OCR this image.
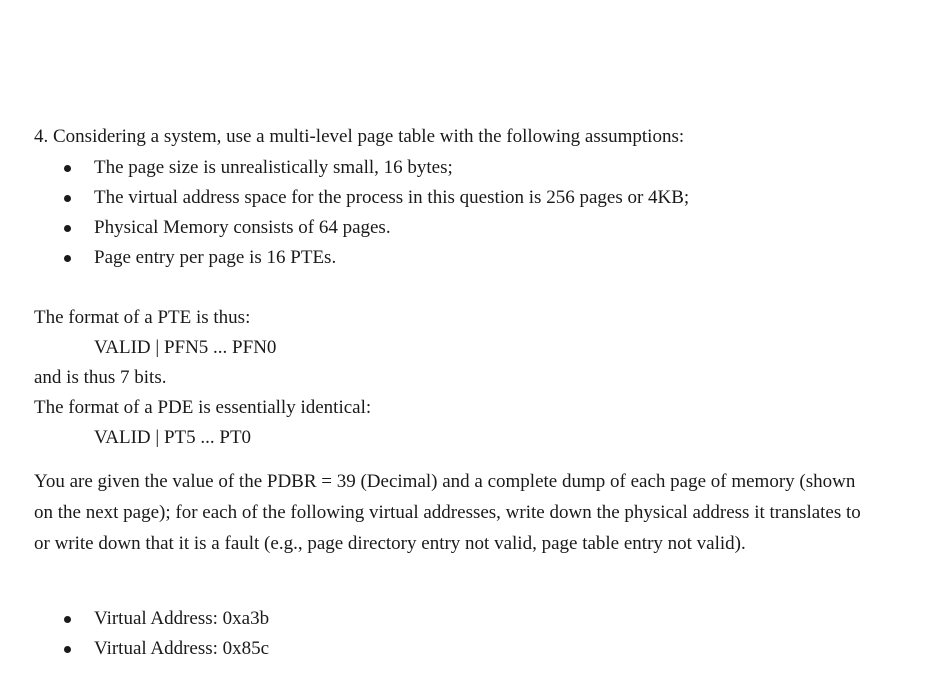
4. Considering a system, use a multi-level page table with the following assumptions:
The page size is unrealistically small, 16 bytes;
The virtual address space for the process in this question is 256 pages or 4KB;
Physical Memory consists of 64 pages.
Page entry per page is 16 PTEs.
The format of a PTE is thus:
VALID | PFN5 ... PFN0
and is thus 7 bits.
The format of a PDE is essentially identical:
VALID | PT5 ... PT0
You are given the value of the PDBR = 39 (Decimal) and a complete dump of each page of memory (shown
on the next page); for each of the following virtual addresses, write down the physical address it translates to
or write down that it is a fault (e.g., page directory entry not valid, page table entry not valid).
Virtual Address: 0xa3b
Virtual Address: 0x85c
